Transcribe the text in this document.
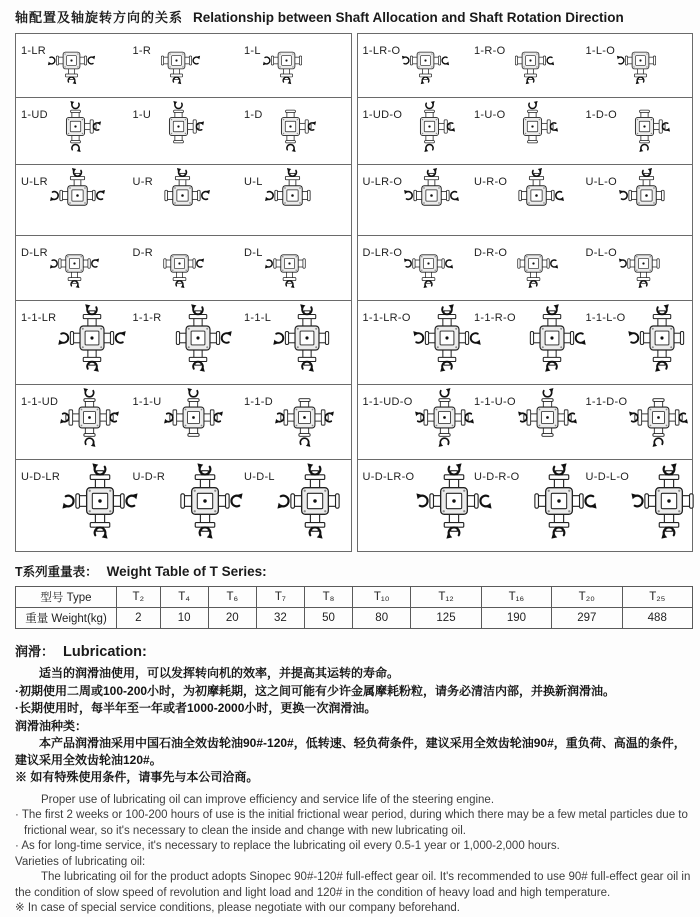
轴配置及轴旋转方向的关系 Relationship between Shaft Allocation and Shaft Rotation Direction
1-LR	1-R	1-L
1-UD	1-U	1-D
U-LR	U-R	U-L
D-LR	D-R	D-L
1-1-LR	1-1-R	1-1-L
1-1-UD	1-1-U	1-1-D
U-D-LR	U-D-R	U-D-L
1-LR-O	1-R-O	1-L-O
1-UD-O	1-U-O	1-D-O
U-LR-O	U-R-O	U-L-O
D-LR-O	D-R-O	D-L-O
1-1-LR-O	1-1-R-O	1-1-L-O
1-1-UD-O	1-1-U-O	1-1-D-O
U-D-LR-O	U-D-R-O	U-D-L-O
T系列重量表： Weight Table of T Series:
型号 Type	T₂	T₄	T₆	T₇	T₈	T₁₀	T₁₂	T₁₆	T₂₀	T₂₅
重量 Weight(kg)	2	10	20	32	50	80	125	190	297	488
润滑： Lubrication:

适当的润滑油使用，可以发挥转向机的效率，并提高其运转的寿命。

·初期使用二周或100-200小时，为初摩耗期，这之间可能有少许金属摩耗粉粒，请务必清洁内部，并换新润滑油。

·长期使用时，每半年至一年或者1000-2000小时，更换一次润滑油。

润滑油种类：

本产品润滑油采用中国石油全效齿轮油90#-120#，低转速、轻负荷条件，建议采用全效齿轮油90#，重负荷、高温的条件，建议采用全效齿轮油120#。

※ 如有特殊使用条件，请事先与本公司洽商。

Proper use of lubricating oil can improve efficiency and service life of the steering engine.

· The first 2 weeks or 100-200 hours of use is the initial frictional wear period, during which there may be a few metal particles due to frictional wear, so it's necessary to clean the inside and change with new lubricating oil.

· As for long-time service, it's necessary to replace the lubricating oil every 0.5-1 year or 1,000-2,000 hours.

Varieties of lubricating oil:

The lubricating oil for the product adopts Sinopec 90#-120# full-effect gear oil. It's recommended to use 90# full-effect gear oil in the condition of slow speed of revolution and light load and 120# in the condition of heavy load and high temperature.

※ In case of special service conditions, please negotiate with our company beforehand.
